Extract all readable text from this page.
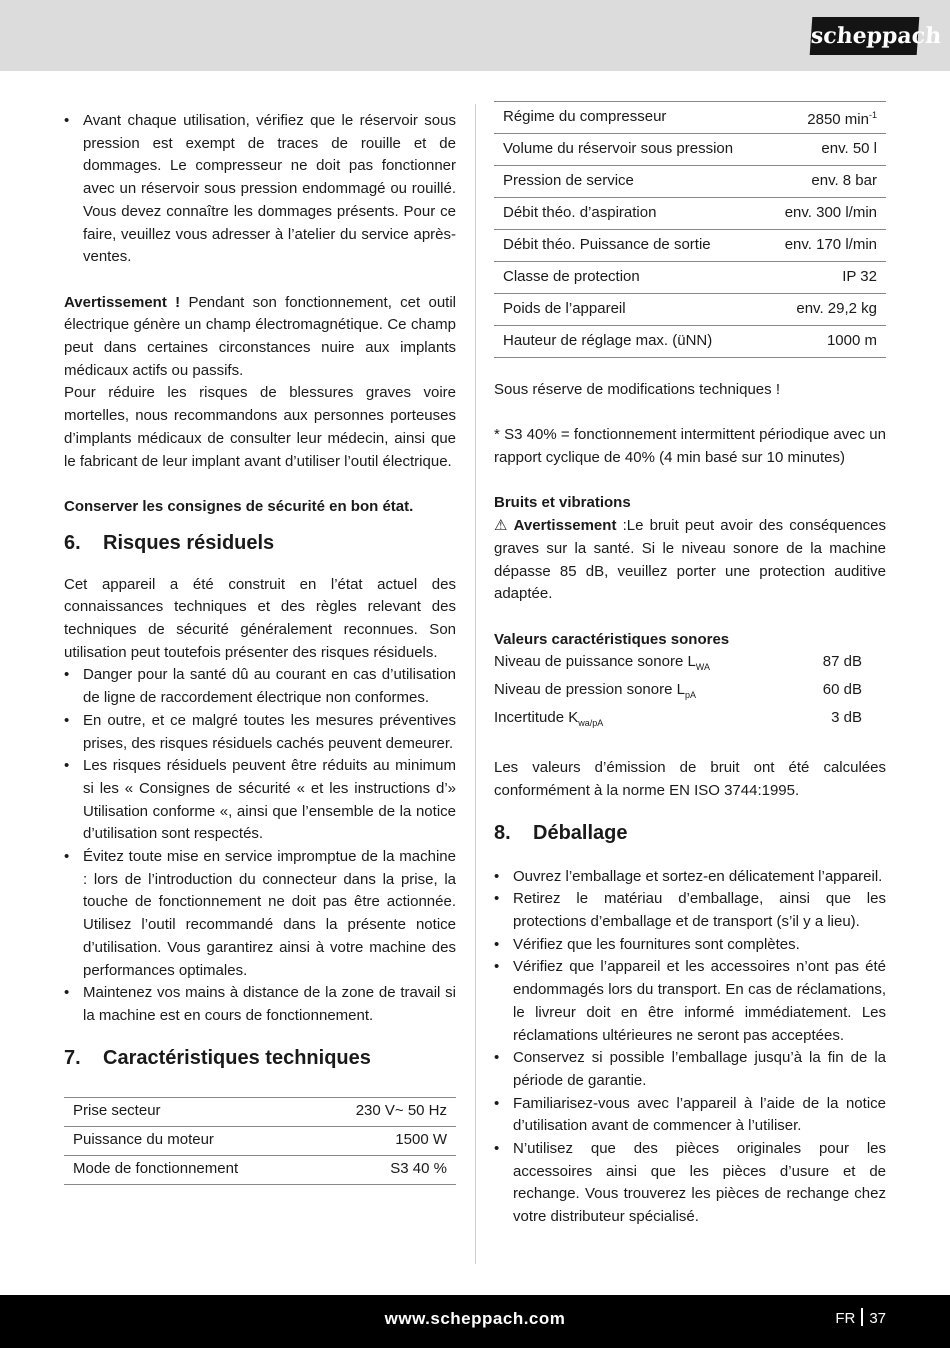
scheppach
• Avant chaque utilisation, vérifiez que le réservoir sous pression est exempt de traces de rouille et de dommages. Le compresseur ne doit pas fonctionner avec un réservoir sous pression endommagé ou rouillé. Vous devez connaître les dommages présents. Pour ce faire, veuillez vous adresser à l’atelier du service après-ventes.

Avertissement ! Pendant son fonctionnement, cet outil électrique génère un champ électromagnétique. Ce champ peut dans certaines circonstances nuire aux implants médicaux actifs ou passifs.

Pour réduire les risques de blessures graves voire mortelles, nous recommandons aux personnes porteuses d’implants médicaux de consulter leur médecin, ainsi que le fabricant de leur implant avant d’utiliser l’outil électrique.

Conserver les consignes de sécurité en bon état.

6.	Risques résiduels

Cet appareil a été construit en l’état actuel des connaissances techniques et des règles relevant des techniques de sécurité généralement reconnues. Son utilisation peut toutefois présenter des risques résiduels.

• Danger pour la santé dû au courant en cas d’utilisation de ligne de raccordement électrique non conformes.
• En outre, et ce malgré toutes les mesures préventives prises, des risques résiduels cachés peuvent demeurer.
• Les risques résiduels peuvent être réduits au minimum si les « Consignes de sécurité « et les instructions d’» Utilisation conforme «, ainsi que l’ensemble de la notice d’utilisation sont respectés.
• Évitez toute mise en service impromptue de la machine : lors de l’introduction du connecteur dans la prise, la touche de fonctionnement ne doit pas être actionnée. Utilisez l’outil recommandé dans la présente notice d’utilisation. Vous garantirez ainsi à votre machine des performances optimales.
• Maintenez vos mains à distance de la zone de travail si la machine est en cours de fonctionnement.
7.	Caractéristiques techniques
Prise secteur	230 V~ 50 Hz
Puissance du moteur	1500 W
Mode de fonctionnement	S3 40 %
Régime du compresseur	2850 $\min^{-1}$
Volume du réservoir sous pression	env. 50 l
Pression de service	env. 8 bar
Débit théo. d’aspiration	env. 300 l/min
Débit théo. Puissance de sortie	env. 170 l/min
Classe de protection	IP 32
Poids de l’appareil	env. 29,2 kg
Hauteur de réglage max. (üNN)	1000 m

Sous réserve de modifications techniques !

* S3 40% = fonctionnement intermittent périodique avec un rapport cyclique de 40% (4 min basé sur 10 minutes)

Bruits et vibrations

⚠ Avertissement :Le bruit peut avoir des conséquences graves sur la santé. Si le niveau sonore de la machine dépasse 85 dB, veuillez porter une protection auditive adaptée.

Valeurs caractéristiques sonores

Niveau de puissance sonore $L_{WA}$	87 dB
Niveau de pression sonore $L_{pA}$	60 dB
Incertitude $K_{wa/pA}$	3 dB

Les valeurs d’émission de bruit ont été calculées conformément à la norme EN ISO 3744:1995.

8.	Déballage
• Ouvrez l’emballage et sortez-en délicatement l’appareil.
• Retirez le matériau d’emballage, ainsi que les protections d’emballage et de transport (s’il y a lieu).
• Vérifiez que les fournitures sont complètes.
• Vérifiez que l’appareil et les accessoires n’ont pas été endommagés lors du transport. En cas de réclamations, le livreur doit en être informé immédiatement. Les réclamations ultérieures ne seront pas acceptées.
• Conservez si possible l’emballage jusqu’à la fin de la période de garantie.
• Familiarisez-vous avec l’appareil à l’aide de la notice d’utilisation avant de commencer à l’utiliser.
• N’utilisez que des pièces originales pour les accessoires ainsi que les pièces d’usure et de rechange. Vous trouverez les pièces de rechange chez votre distributeur spécialisé.
www.scheppach.com	FR 37
